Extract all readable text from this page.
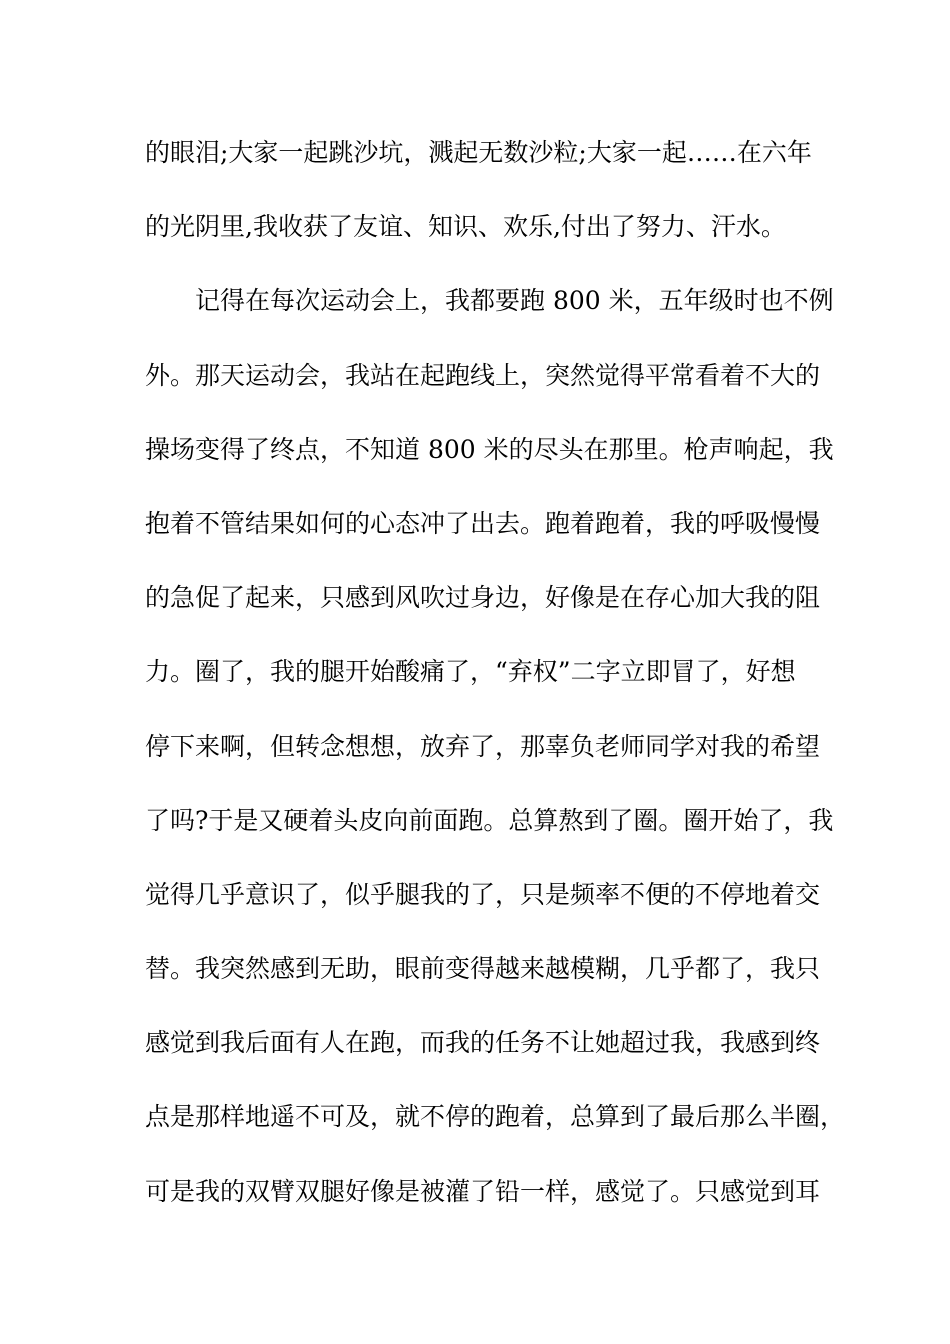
的眼泪;大家一起跳沙坑，溅起无数沙粒;大家一起……在六年
的光阴里,我收获了友谊、知识、欢乐,付出了努力、汗水。
记得在每次运动会上，我都要跑 800 米，五年级时也不例
外。那天运动会，我站在起跑线上，突然觉得平常看着不大的
操场变得了终点，不知道 800 米的尽头在那里。枪声响起，我
抱着不管结果如何的心态冲了出去。跑着跑着，我的呼吸慢慢
的急促了起来，只感到风吹过身边，好像是在存心加大我的阻
力。圈了，我的腿开始酸痛了，“弃权”二字立即冒了，好想
停下来啊，但转念想想，放弃了，那辜负老师同学对我的希望
了吗?于是又硬着头皮向前面跑。总算熬到了圈。圈开始了，我
觉得几乎意识了，似乎腿我的了，只是频率不便的不停地着交
替。我突然感到无助，眼前变得越来越模糊，几乎都了，我只
感觉到我后面有人在跑，而我的任务不让她超过我，我感到终
点是那样地遥不可及，就不停的跑着，总算到了最后那么半圈，
可是我的双臂双腿好像是被灌了铅一样，感觉了。只感觉到耳
